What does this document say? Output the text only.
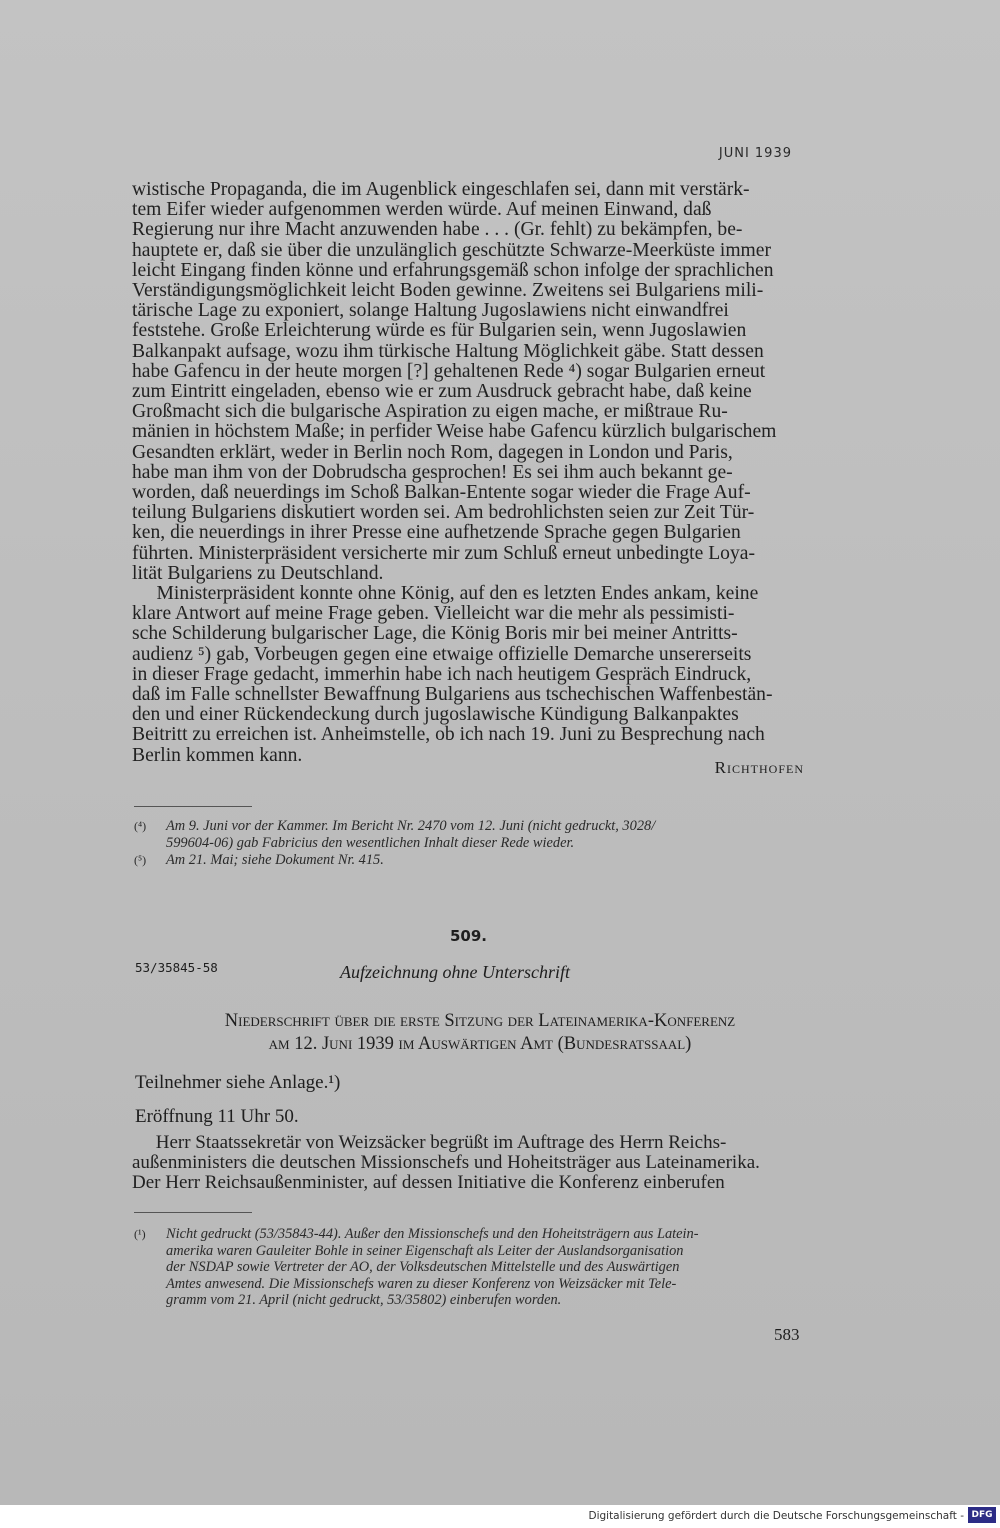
JUNI 1939
wistische Propaganda, die im Augenblick eingeschlafen sei, dann mit verstärk-
tem Eifer wieder aufgenommen werden würde. Auf meinen Einwand, daß
Regierung nur ihre Macht anzuwenden habe . . . (Gr. fehlt) zu bekämpfen, be-
hauptete er, daß sie über die unzulänglich geschützte Schwarze-Meerküste immer
leicht Eingang finden könne und erfahrungsgemäß schon infolge der sprachlichen
Verständigungsmöglichkeit leicht Boden gewinne. Zweitens sei Bulgariens mili-
tärische Lage zu exponiert, solange Haltung Jugoslawiens nicht einwandfrei
feststehe. Große Erleichterung würde es für Bulgarien sein, wenn Jugoslawien
Balkanpakt aufsage, wozu ihm türkische Haltung Möglichkeit gäbe. Statt dessen
habe Gafencu in der heute morgen [?] gehaltenen Rede ⁴) sogar Bulgarien erneut
zum Eintritt eingeladen, ebenso wie er zum Ausdruck gebracht habe, daß keine
Großmacht sich die bulgarische Aspiration zu eigen mache, er mißtraue Ru-
mänien in höchstem Maße; in perfider Weise habe Gafencu kürzlich bulgarischem
Gesandten erklärt, weder in Berlin noch Rom, dagegen in London und Paris,
habe man ihm von der Dobrudscha gesprochen! Es sei ihm auch bekannt ge-
worden, daß neuerdings im Schoß Balkan-Entente sogar wieder die Frage Auf-
teilung Bulgariens diskutiert worden sei. Am bedrohlichsten seien zur Zeit Tür-
ken, die neuerdings in ihrer Presse eine aufhetzende Sprache gegen Bulgarien
führten. Ministerpräsident versicherte mir zum Schluß erneut unbedingte Loya-
lität Bulgariens zu Deutschland.
Ministerpräsident konnte ohne König, auf den es letzten Endes ankam, keine
klare Antwort auf meine Frage geben. Vielleicht war die mehr als pessimisti-
sche Schilderung bulgarischer Lage, die König Boris mir bei meiner Antritts-
audienz ⁵) gab, Vorbeugen gegen eine etwaige offizielle Demarche unsererseits
in dieser Frage gedacht, immerhin habe ich nach heutigem Gespräch Eindruck,
daß im Falle schnellster Bewaffnung Bulgariens aus tschechischen Waffenbestän-
den und einer Rückendeckung durch jugoslawische Kündigung Balkanpaktes
Beitritt zu erreichen ist. Anheimstelle, ob ich nach 19. Juni zu Besprechung nach
Berlin kommen kann.
Richthofen
(⁴) Am 9. Juni vor der Kammer. Im Bericht Nr. 2470 vom 12. Juni (nicht gedruckt, 3028/
599604-06) gab Fabricius den wesentlichen Inhalt dieser Rede wieder.
(⁵) Am 21. Mai; siehe Dokument Nr. 415.
509.
53/35845-58	Aufzeichnung ohne Unterschrift
Niederschrift über die erste Sitzung der Lateinamerika-Konferenz
am 12. Juni 1939 im Auswärtigen Amt (Bundesratssaal)
Teilnehmer siehe Anlage.¹)
Eröffnung 11 Uhr 50.
Herr Staatssekretär von Weizsäcker begrüßt im Auftrage des Herrn Reichs-
außenministers die deutschen Missionschefs und Hoheitsträger aus Lateinamerika.
Der Herr Reichsaußenminister, auf dessen Initiative die Konferenz einberufen
(¹) Nicht gedruckt (53/35843-44). Außer den Missionschefs und den Hoheitsträgern aus Latein-
amerika waren Gauleiter Bohle in seiner Eigenschaft als Leiter der Auslandsorganisation
der NSDAP sowie Vertreter der AO, der Volksdeutschen Mittelstelle und des Auswärtigen
Amtes anwesend. Die Missionschefs waren zu dieser Konferenz von Weizsäcker mit Tele-
gramm vom 21. April (nicht gedruckt, 53/35802) einberufen worden.
583
Digitalisierung gefördert durch die Deutsche Forschungsgemeinschaft - DFG
